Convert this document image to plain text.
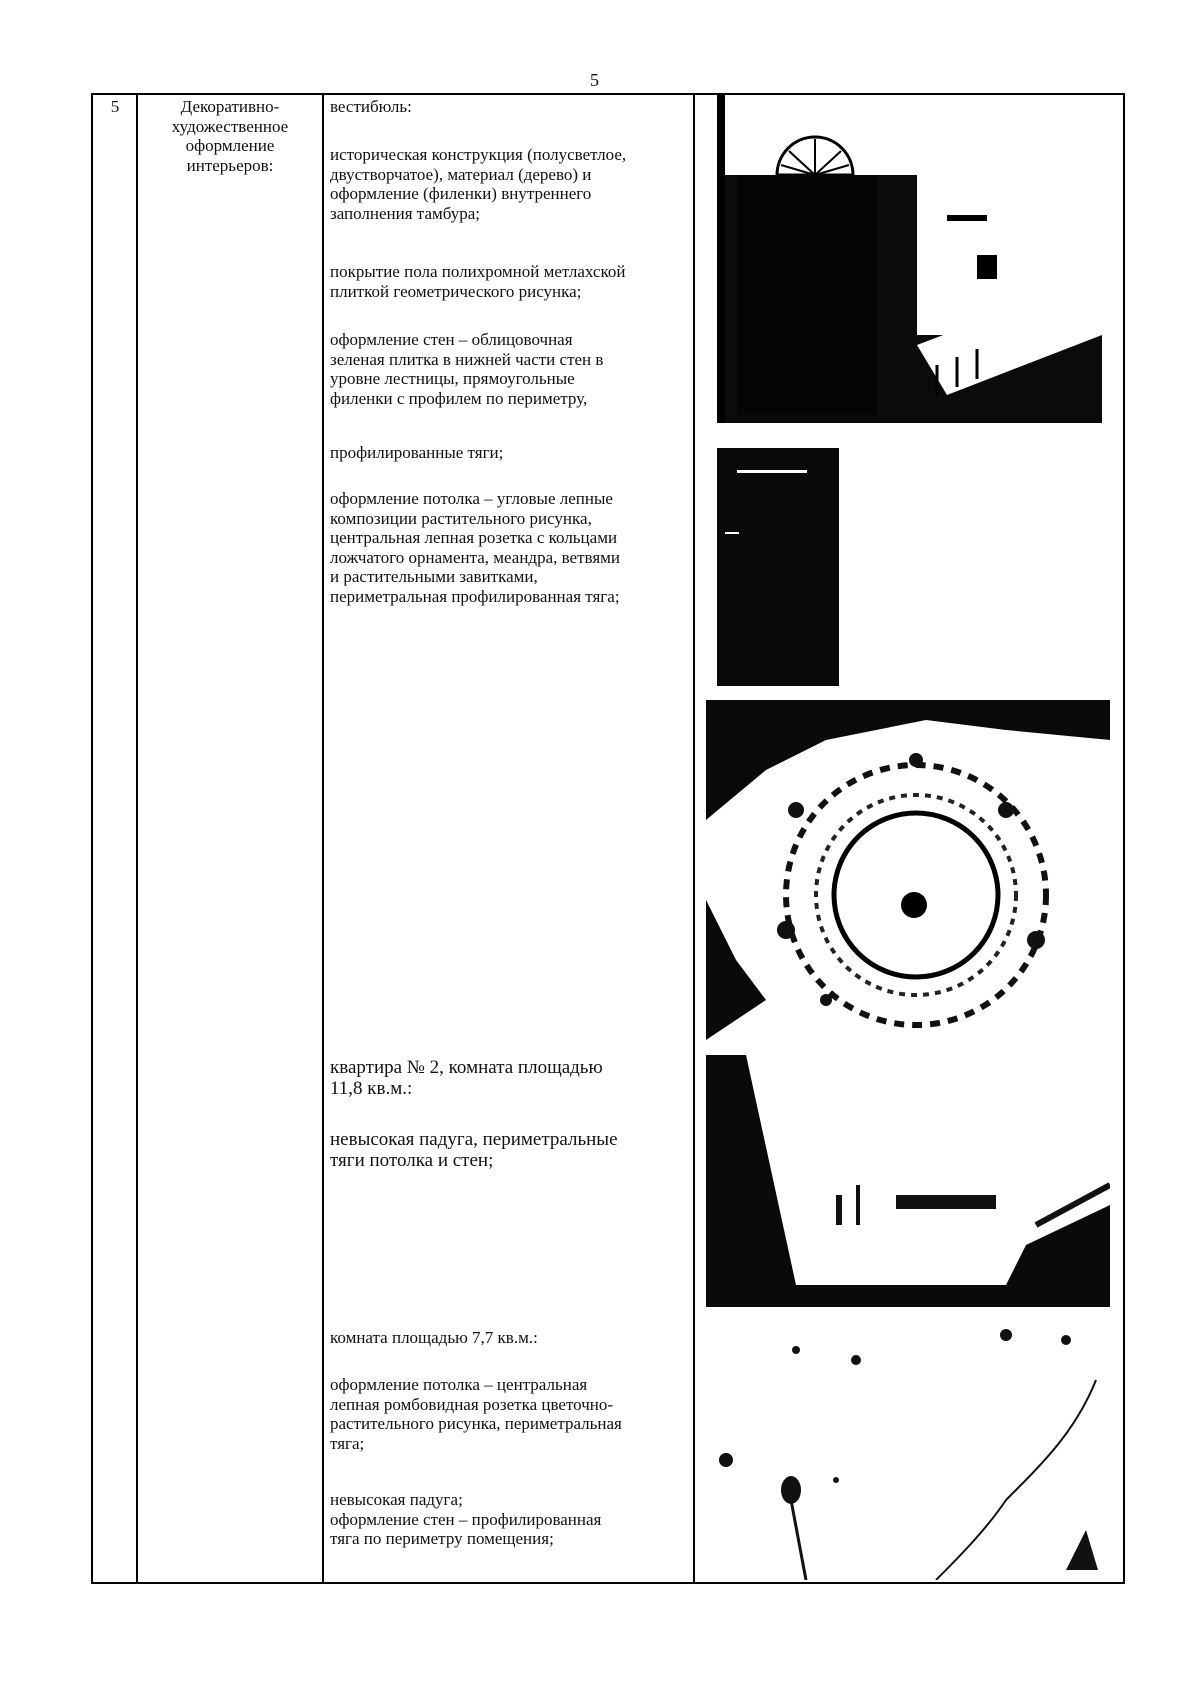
5
5	Декоративно-
художественное
оформление
интерьеров:
вестибюль:
историческая конструкция (полусветлое,
двустворчатое), материал (дерево) и
оформление (филенки) внутреннего
заполнения тамбура;
покрытие пола полихромной метлахской
плиткой геометрического рисунка;
оформление стен – облицовочная
зеленая плитка в нижней части стен в
уровне лестницы, прямоугольные
филенки с профилем по периметру,
профилированные тяги;
оформление потолка – угловые лепные
композиции растительного рисунка,
центральная лепная розетка с кольцами
ложчатого орнамента, меандра, ветвями
и растительными завитками,
периметральная профилированная тяга;
квартира № 2, комната площадью
11,8 кв.м.:
невысокая падуга, периметральные
тяги потолка и стен;
комната площадью 7,7 кв.м.:
оформление потолка – центральная
лепная ромбовидная розетка цветочно-
растительного рисунка, периметральная
тяга;
невысокая падуга;
оформление стен – профилированная
тяга по периметру помещения;
